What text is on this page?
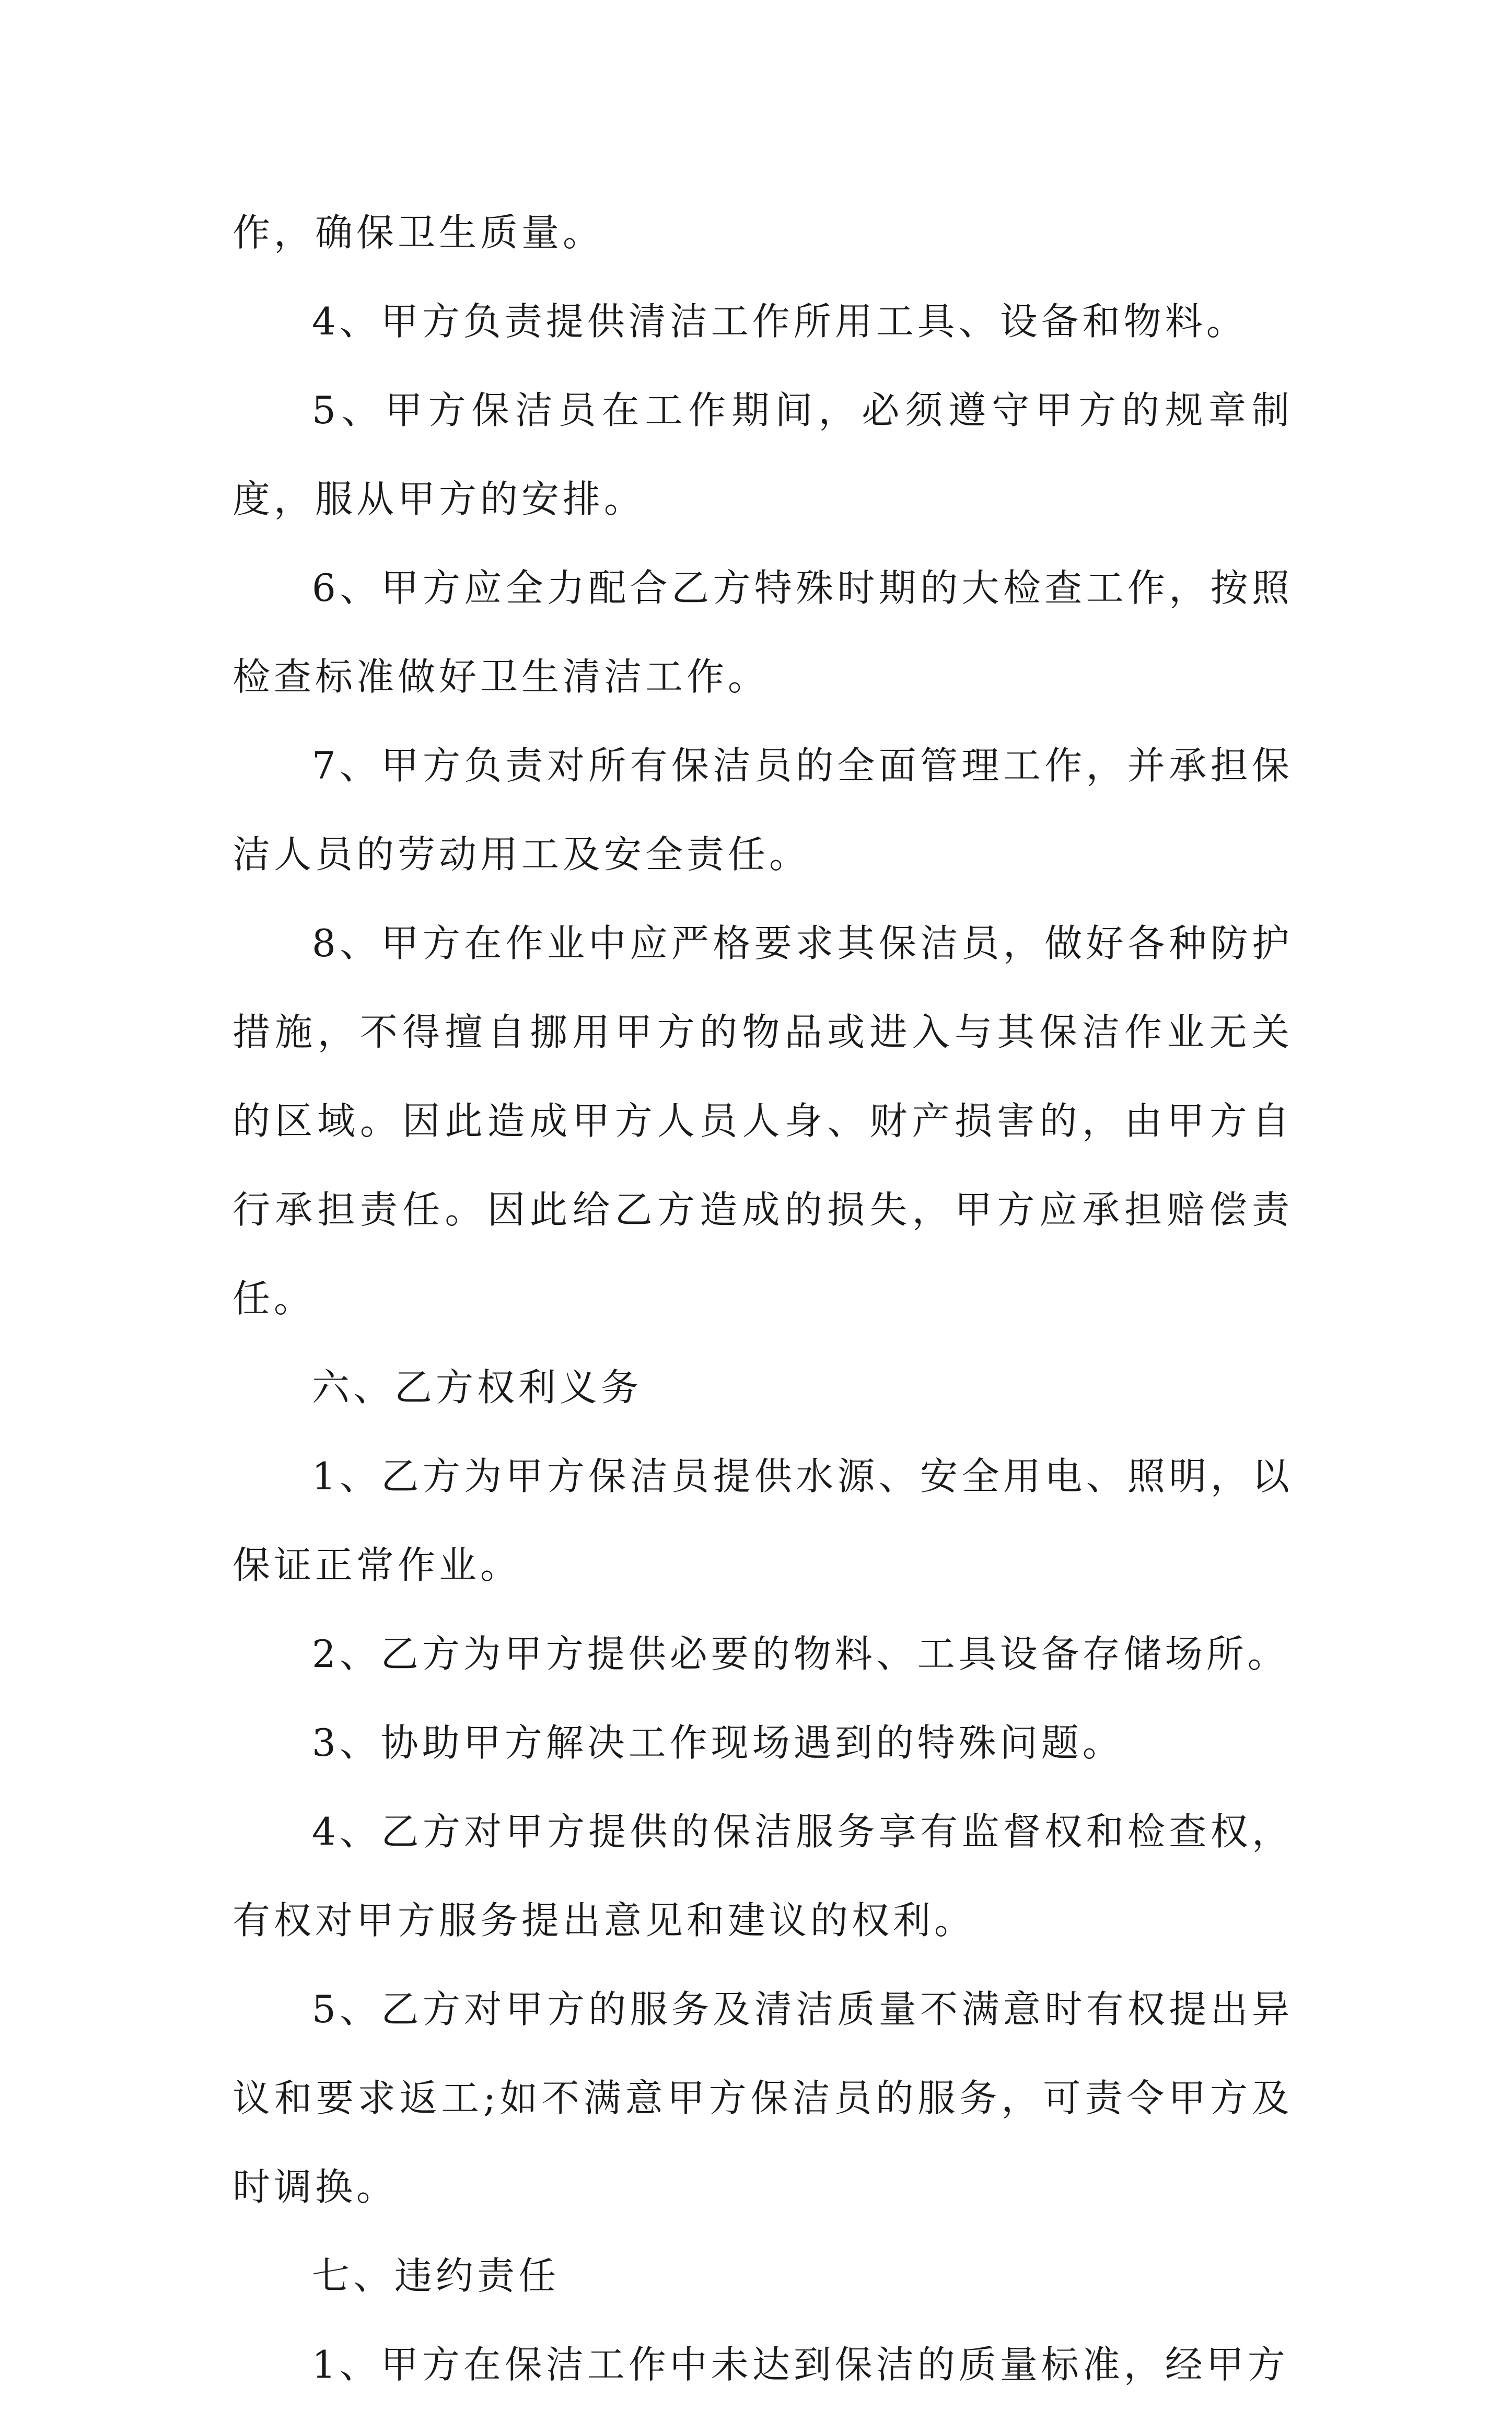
作，确保卫生质量。

4、甲方负责提供清洁工作所用工具、设备和物料。

5、甲方保洁员在工作期间，必须遵守甲方的规章制度，服从甲方的安排。

6、甲方应全力配合乙方特殊时期的大检查工作，按照检查标准做好卫生清洁工作。

7、甲方负责对所有保洁员的全面管理工作，并承担保洁人员的劳动用工及安全责任。

8、甲方在作业中应严格要求其保洁员，做好各种防护措施，不得擅自挪用甲方的物品或进入与其保洁作业无关的区域。因此造成甲方人员人身、财产损害的，由甲方自行承担责任。因此给乙方造成的损失，甲方应承担赔偿责任。

六、乙方权利义务

1、乙方为甲方保洁员提供水源、安全用电、照明，以保证正常作业。

2、乙方为甲方提供必要的物料、工具设备存储场所。

3、协助甲方解决工作现场遇到的特殊问题。

4、乙方对甲方提供的保洁服务享有监督权和检查权，有权对甲方服务提出意见和建议的权利。

5、乙方对甲方的服务及清洁质量不满意时有权提出异议和要求返工;如不满意甲方保洁员的服务，可责令甲方及时调换。

七、违约责任

1、甲方在保洁工作中未达到保洁的质量标准，经甲方
